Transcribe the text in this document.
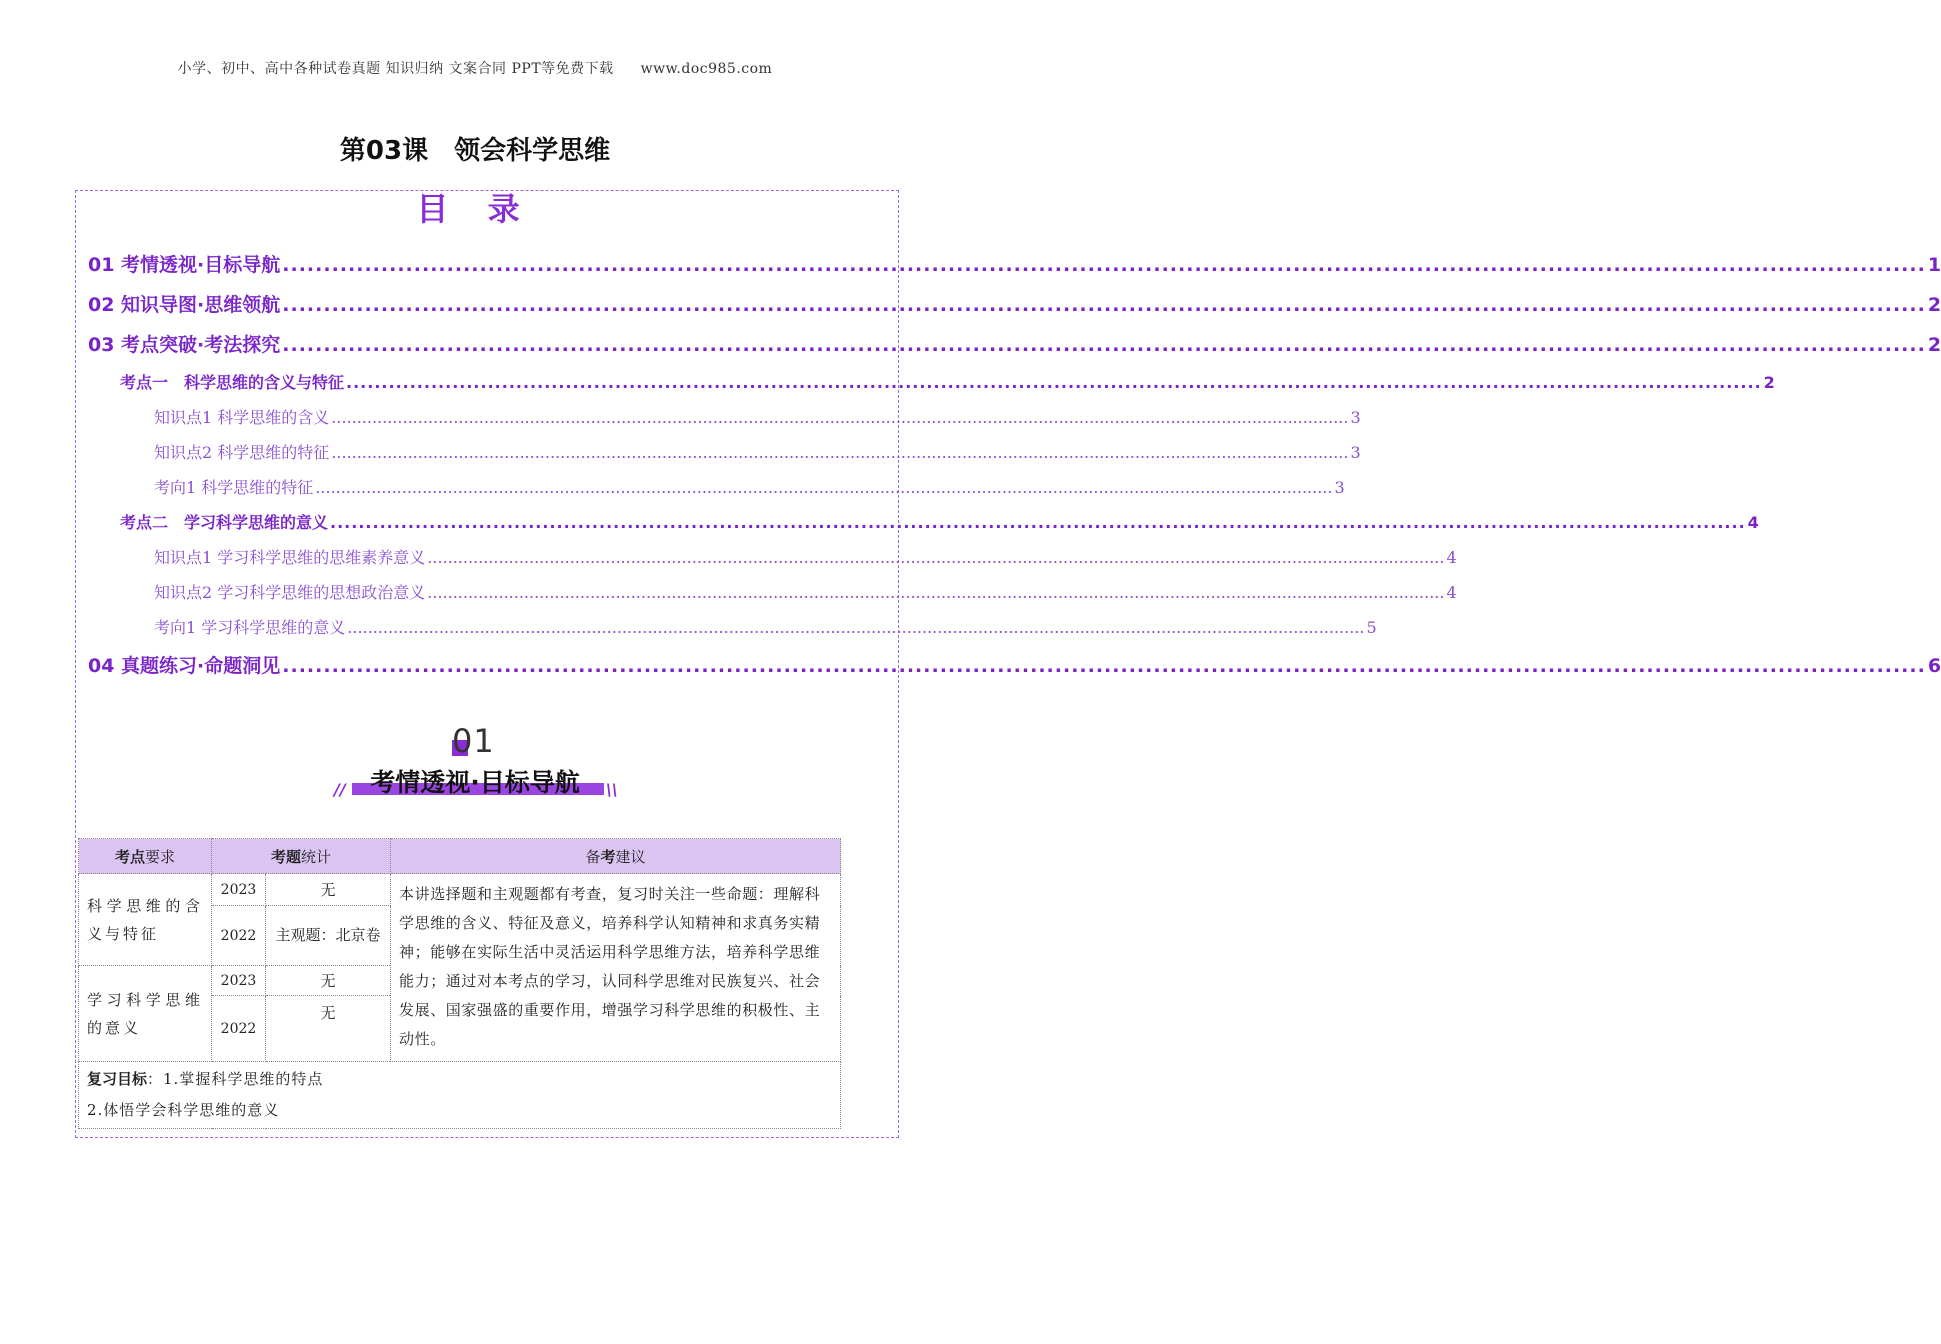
小学、初中、高中各种试卷真题 知识归纳 文案合同 PPT等免费下载 www.doc985.com
第03课　领会科学思维
目 录
01 考情透视·目标导航 ........................................................................................................................................................................................................ 1
02 知识导图·思维领航 ........................................................................................................................................................................................................ 2
03 考点突破·考法探究 ........................................................................................................................................................................................................ 2
考点一　科学思维的含义与特征 ........................................................................................................................................................................................................ 2
知识点1 科学思维的含义 ........................................................................................................................................................................................................ 3
知识点2 科学思维的特征 ........................................................................................................................................................................................................ 3
考向1 科学思维的特征 ........................................................................................................................................................................................................ 3
考点二　学习科学思维的意义 ........................................................................................................................................................................................................ 4
知识点1 学习科学思维的思维素养意义 ........................................................................................................................................................................................................ 4
知识点2 学习科学思维的思想政治意义 ........................................................................................................................................................................................................ 4
考向1 学习科学思维的意义 ........................................................................................................................................................................................................ 5
04 真题练习·命题洞见 ........................................................................................................................................................................................................ 6
01
//	\\
考情透视·目标导航
考点要求	考题统计		备考建议
科学思维的含义与特征	2023	无	本讲选择题和主观题都有考查，复习时关注一些命题：理解科学思维的含义、特征及意义，培养科学认知精神和求真务实精神；能够在实际生活中灵活运用科学思维方法，培养科学思维能力；通过对本考点的学习，认同科学思维对民族复兴、社会发展、国家强盛的重要作用，增强学习科学思维的积极性、主动性。
	2022	主观题：北京卷	
学习科学思维的意义	2023	无	
	2022	无	

复习目标：1.掌握科学思维的特点
2.体悟学会科学思维的意义			
